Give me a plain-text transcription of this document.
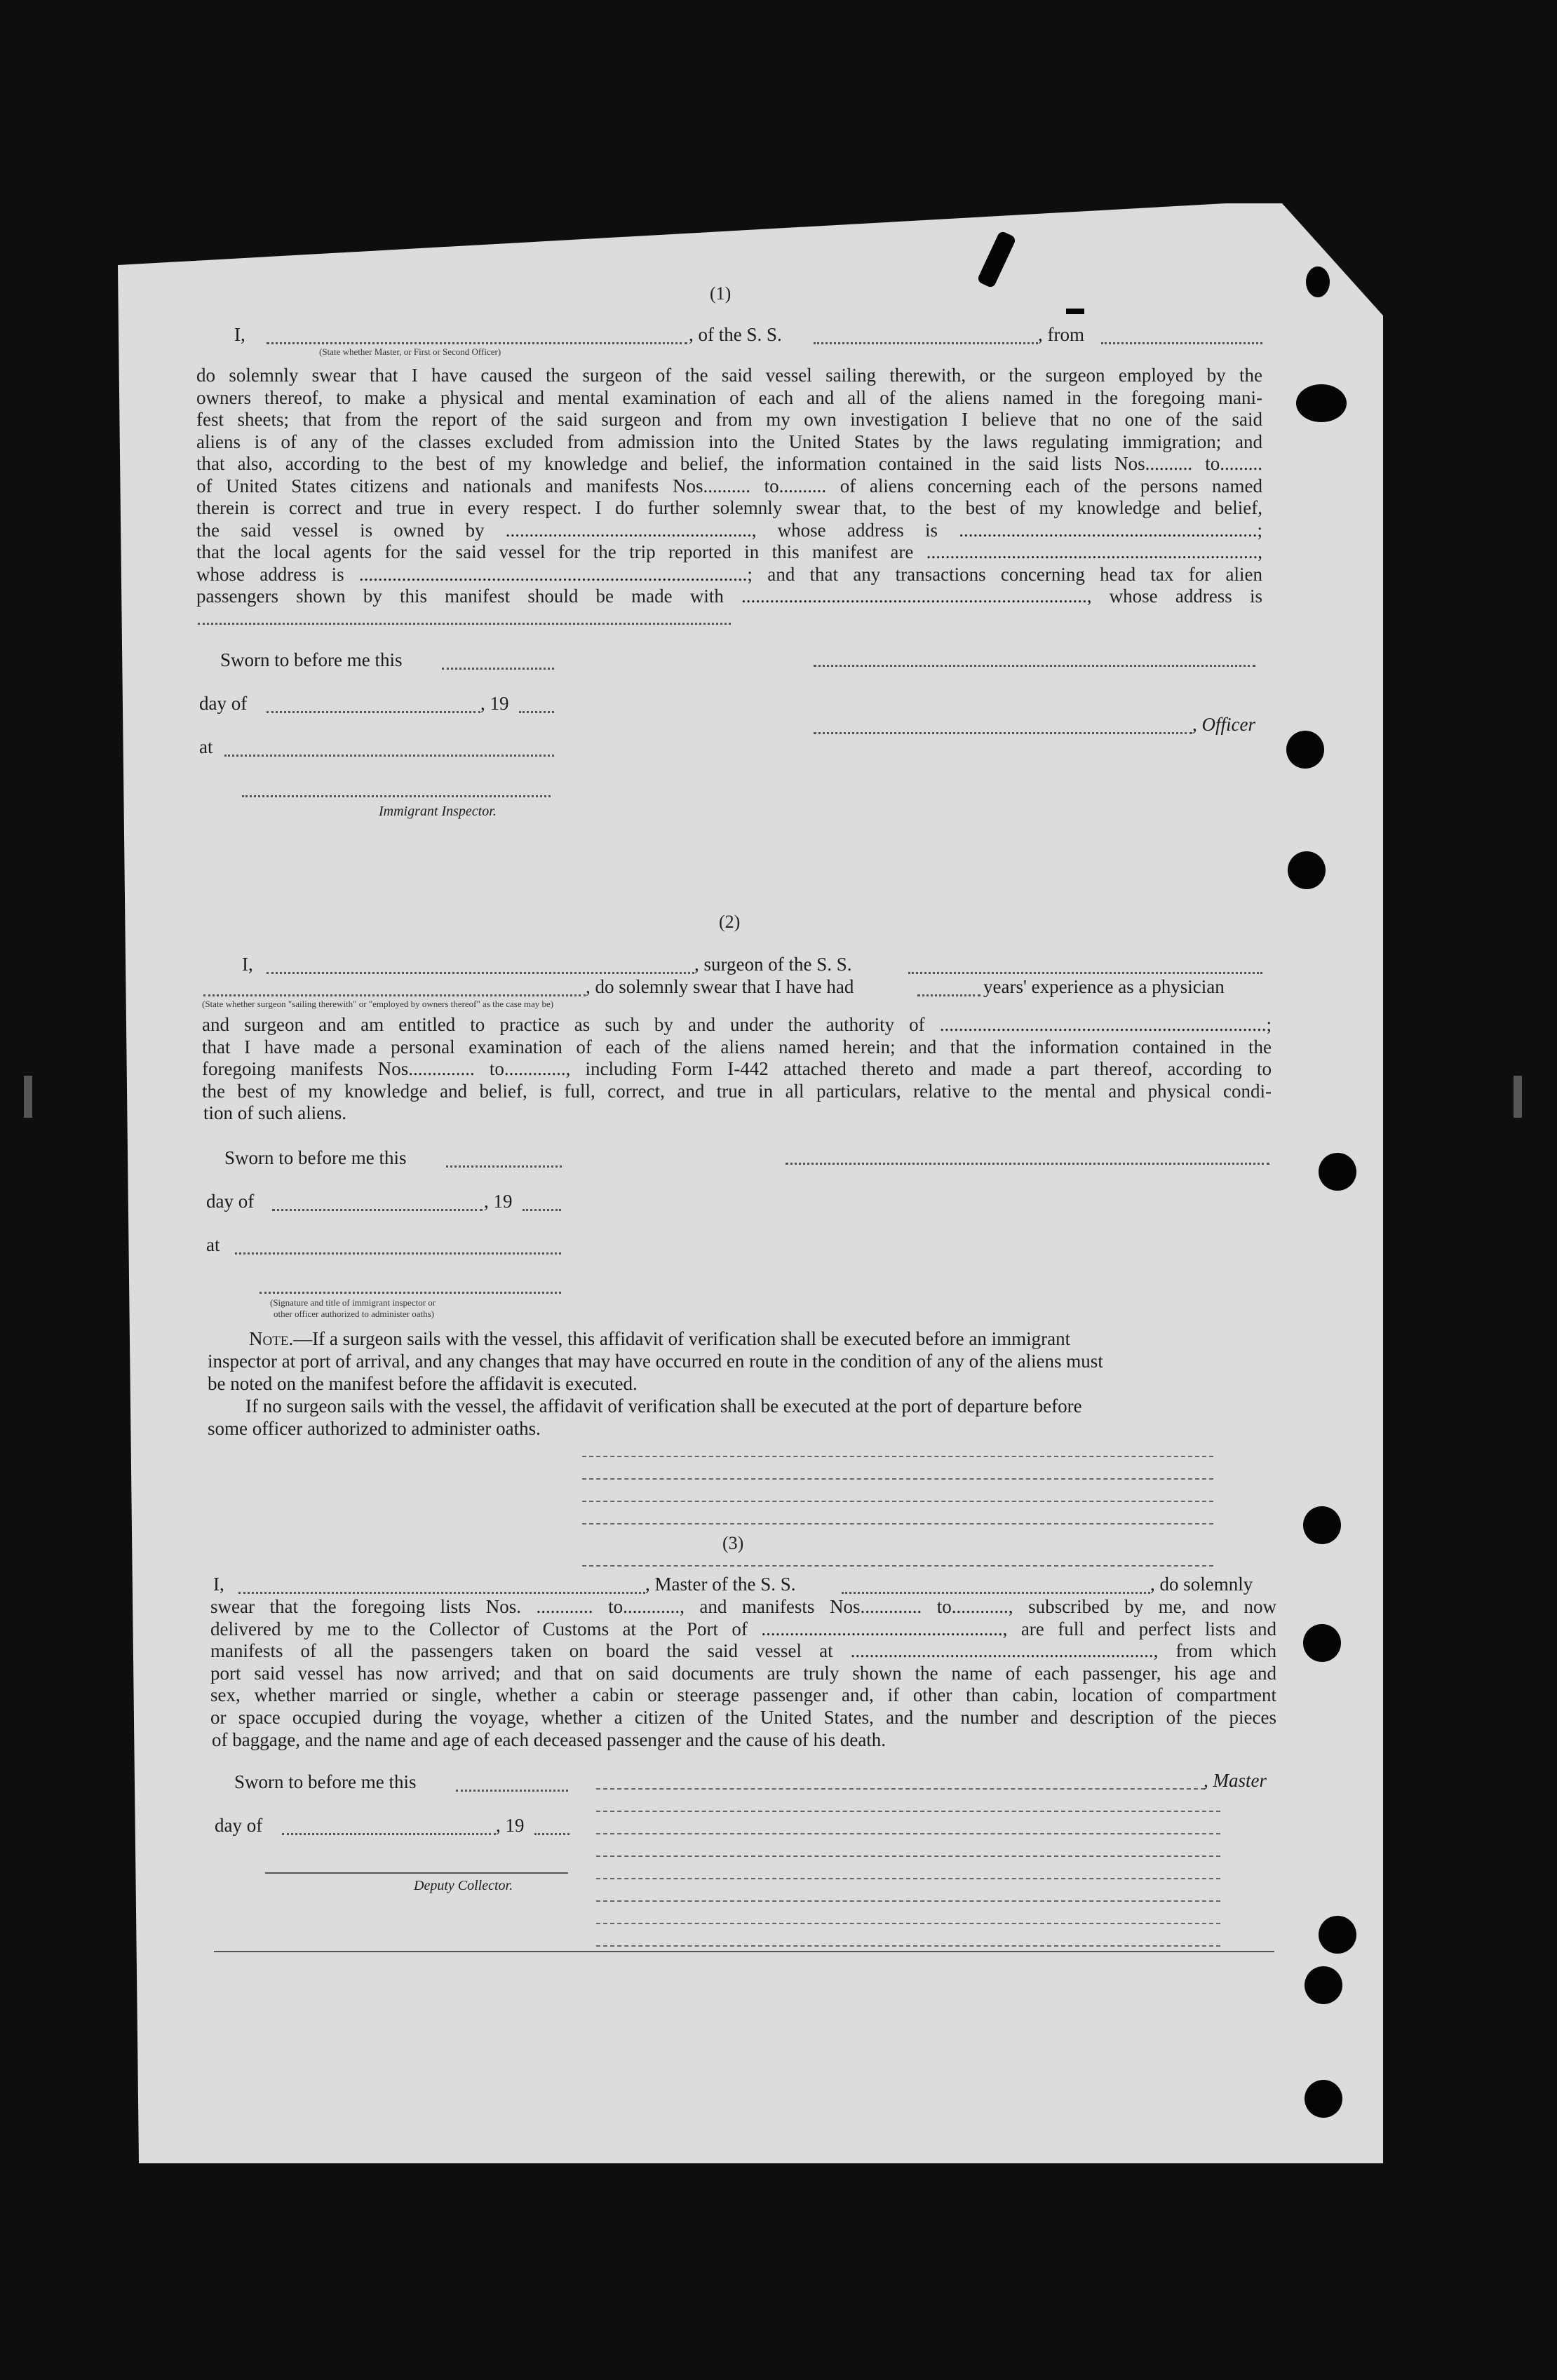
(1)
I,	, of the S. S.	, from
(State whether Master, or First or Second Officer)
do solemnly swear that I have caused the surgeon of the said vessel sailing therewith, or the surgeon employed by the
owners thereof, to make a physical and mental examination of each and all of the aliens named in the foregoing mani-
fest sheets; that from the report of the said surgeon and from my own investigation I believe that no one of the said
aliens is of any of the classes excluded from admission into the United States by the laws regulating immigration; and
that also, according to the best of my knowledge and belief, the information contained in the said lists Nos.......... to.........
of United States citizens and nationals and manifests Nos.......... to.......... of aliens concerning each of the persons named
therein is correct and true in every respect. I do further solemnly swear that, to the best of my knowledge and belief,
the said vessel is owned by ...................................................., whose address is ...............................................................;
that the local agents for the said vessel for the trip reported in this manifest are ......................................................................,
whose address is ..................................................................................; and that any transactions concerning head tax for alien
passengers shown by this manifest should be made with ........................................................................., whose address is
Sworn to before me this
day of	, 19
at
Immigrant Inspector.
, Officer
(2)
I,	, surgeon of the S. S.
, do solemnly swear that I have had	years' experience as a physician
(State whether surgeon "sailing therewith" or "employed by owners thereof" as the case may be)
and surgeon and am entitled to practice as such by and under the authority of .....................................................................;
that I have made a personal examination of each of the aliens named herein; and that the information contained in the
foregoing manifests Nos.............. to............., including Form I-442 attached thereto and made a part thereof, according to
the best of my knowledge and belief, is full, correct, and true in all particulars, relative to the mental and physical condi-
tion of such aliens.
Sworn to before me this
day of	, 19
at
(Signature and title of immigrant inspector or
other officer authorized to administer oaths)
Note.—If a surgeon sails with the vessel, this affidavit of verification shall be executed before an immigrant
inspector at port of arrival, and any changes that may have occurred en route in the condition of any of the aliens must
be noted on the manifest before the affidavit is executed.
If no surgeon sails with the vessel, the affidavit of verification shall be executed at the port of departure before
some officer authorized to administer oaths.
(3)
I,	, Master of the S. S.	, do solemnly
swear that the foregoing lists Nos. ............ to............, and manifests Nos............. to............, subscribed by me, and now
delivered by me to the Collector of Customs at the Port of ..................................................., are full and perfect lists and
manifests of all the passengers taken on board the said vessel at ................................................................, from which
port said vessel has now arrived; and that on said documents are truly shown the name of each passenger, his age and
sex, whether married or single, whether a cabin or steerage passenger and, if other than cabin, location of compartment
or space occupied during the voyage, whether a citizen of the United States, and the number and description of the pieces
of baggage, and the name and age of each deceased passenger and the cause of his death.
Sworn to before me this
day of	, 19
Deputy Collector.
, Master
